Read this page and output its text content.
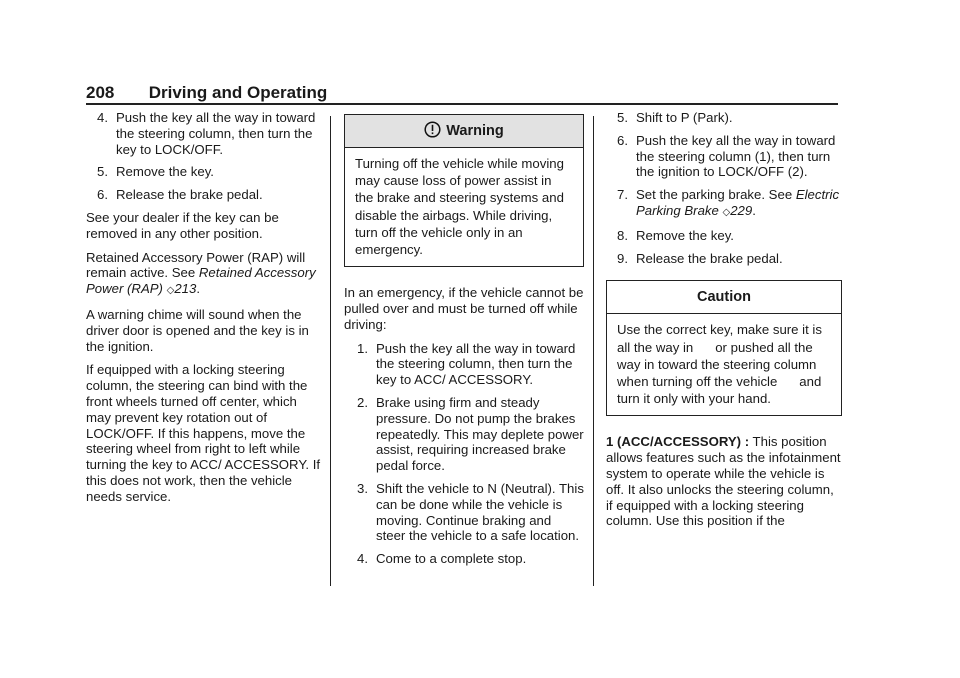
208 Driving and Operating
4. Push the key all the way in toward the steering column, then turn the key to LOCK/OFF.
5. Remove the key.
6. Release the brake pedal.

See your dealer if the key can be removed in any other position.

Retained Accessory Power (RAP) will remain active. See Retained Accessory Power (RAP) ◇213.

A warning chime will sound when the driver door is opened and the key is in the ignition.

If equipped with a locking steering column, the steering can bind with the front wheels turned off center, which may prevent key rotation out of LOCK/OFF. If this happens, move the steering wheel from right to left while turning the key to ACC/ ACCESSORY. If this does not work, then the vehicle needs service.

Warning
Turning off the vehicle while moving may cause loss of power assist in the brake and steering systems and disable the airbags. While driving, turn off the vehicle only in an emergency.

In an emergency, if the vehicle cannot be pulled over and must be turned off while driving:

1. Push the key all the way in toward the steering column, then turn the key to ACC/ ACCESSORY.
2. Brake using firm and steady pressure. Do not pump the brakes repeatedly. This may deplete power assist, requiring increased brake pedal force.
3. Shift the vehicle to N (Neutral). This can be done while the vehicle is moving. Continue braking and steer the vehicle to a safe location.
4. Come to a complete stop.
5. Shift to P (Park).
6. Push the key all the way in toward the steering column (1), then turn the ignition to LOCK/OFF (2).
7. Set the parking brake. See Electric Parking Brake ◇229.
8. Remove the key.
9. Release the brake pedal.
Caution
Use the correct key, make sure it is all the way in      or pushed all the way in toward the steering column when turning off the vehicle      and turn it only with your hand.

1 (ACC/ACCESSORY) : This position allows features such as the infotainment system to operate while the vehicle is off. It also unlocks the steering column, if equipped with a locking steering column. Use this position if the
